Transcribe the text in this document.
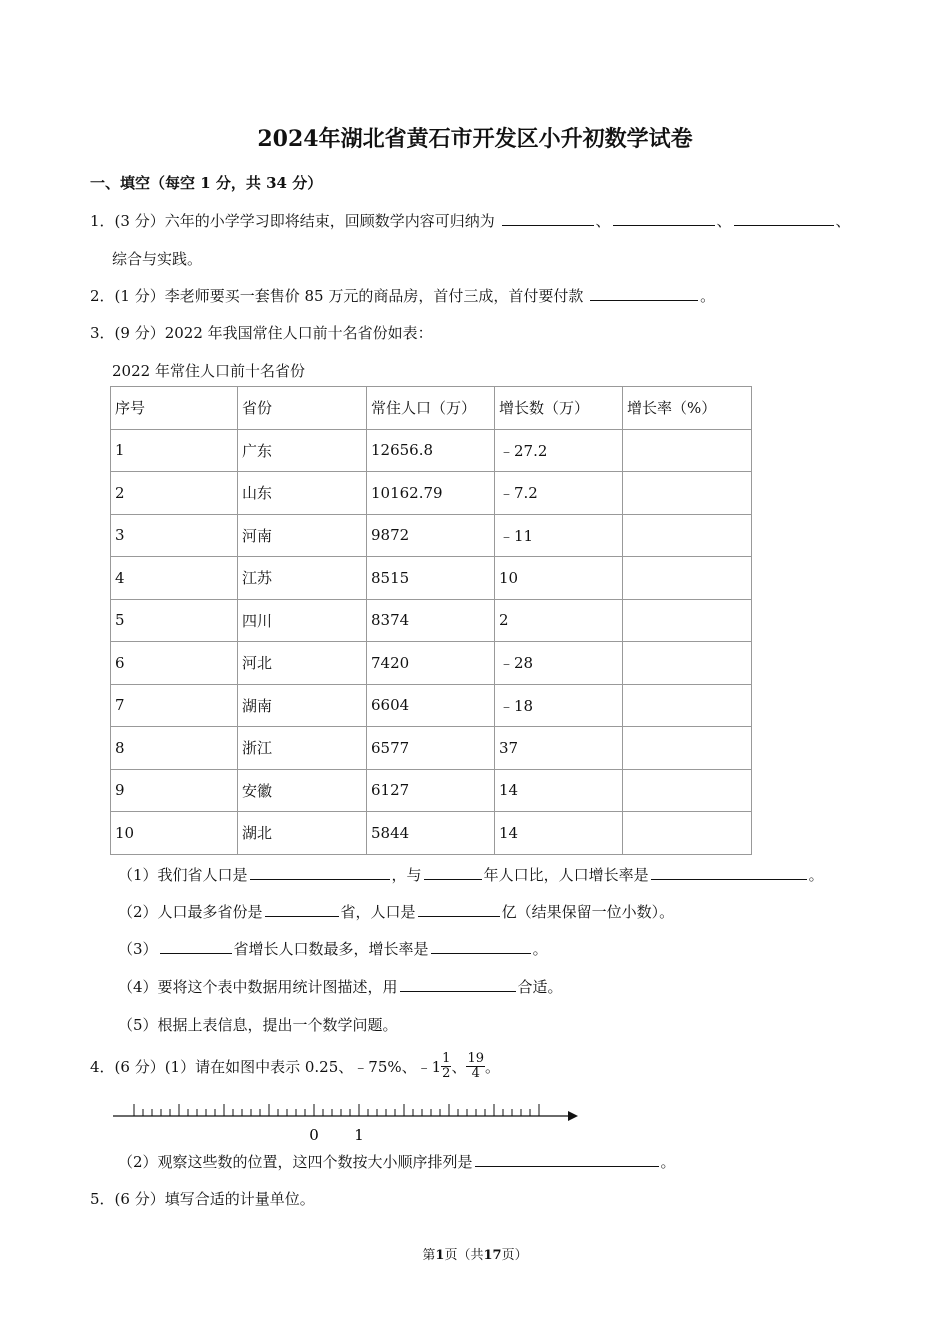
2024年湖北省黄石市开发区小升初数学试卷
一、填空（每空 1 分，共 34 分）
1．(3 分）六年的小学学习即将结束，回顾数学内容可归纳为	、	、	、
综合与实践。
2．(1 分）李老师要买一套售价 85 万元的商品房，首付三成，首付要付款	。
3．(9 分）2022 年我国常住人口前十名省份如表：
2022 年常住人口前十名省份
序号	省份	常住人口（万）	增长数（万）	增长率（%）
1	广东	12656.8	﹣27.2	
2	山东	10162.79	﹣7.2	
3	河南	9872	﹣11	
4	江苏	8515	10	
5	四川	8374	2	
6	河北	7420	﹣28	
7	湖南	6604	﹣18	
8	浙江	6577	37	
9	安徽	6127	14	
10	湖北	5844	14	
（1）我们省人口是	，与	年人口比，人口增长率是	。
（2）人口最多省份是	省，人口是	亿（结果保留一位小数）。
（3）	省增长人口数最多，增长率是	。
（4）要将这个表中数据用统计图描述，用	合适。
（5）根据上表信息，提出一个数学问题。
4．(6 分）(1）请在如图中表示 0.25、﹣75%、﹣1 $\frac{1}{2}$ 、 $\frac{19}{4}$ 。
0 1
（2）观察这些数的位置，这四个数按大小顺序排列是	。
5．(6 分）填写合适的计量单位。
第1页（共17页）
